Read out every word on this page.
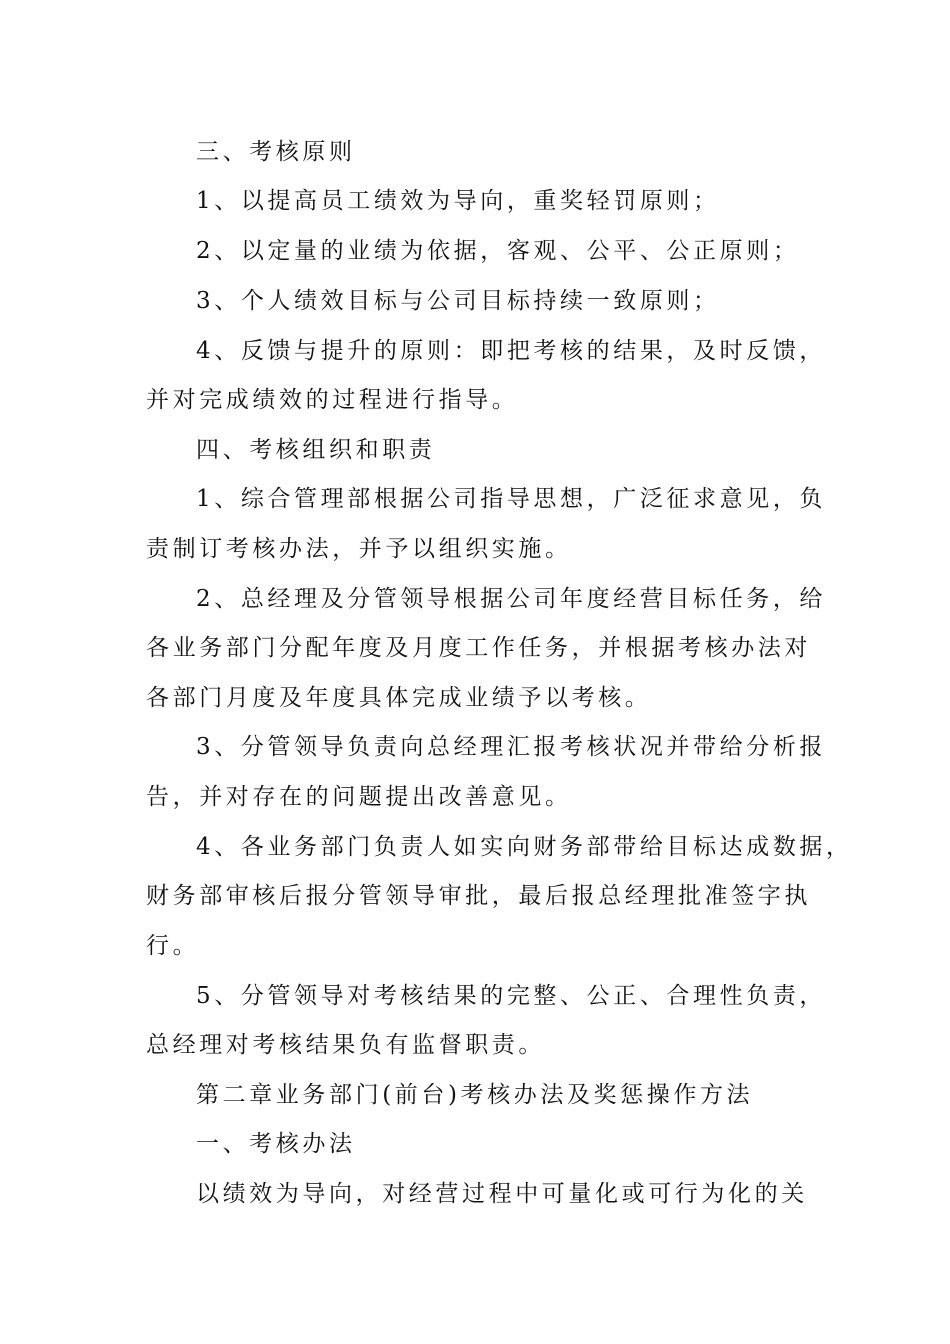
三、考核原则
1、以提高员工绩效为导向，重奖轻罚原则；
2、以定量的业绩为依据，客观、公平、公正原则；
3、个人绩效目标与公司目标持续一致原则；
4、反馈与提升的原则：即把考核的结果，及时反馈，
并对完成绩效的过程进行指导。
四、考核组织和职责
1、综合管理部根据公司指导思想，广泛征求意见，负
责制订考核办法，并予以组织实施。
2、总经理及分管领导根据公司年度经营目标任务，给
各业务部门分配年度及月度工作任务，并根据考核办法对
各部门月度及年度具体完成业绩予以考核。
3、分管领导负责向总经理汇报考核状况并带给分析报
告，并对存在的问题提出改善意见。
4、各业务部门负责人如实向财务部带给目标达成数据，
财务部审核后报分管领导审批，最后报总经理批准签字执
行。
5、分管领导对考核结果的完整、公正、合理性负责，
总经理对考核结果负有监督职责。
第二章业务部门(前台)考核办法及奖惩操作方法
一、考核办法
以绩效为导向，对经营过程中可量化或可行为化的关
